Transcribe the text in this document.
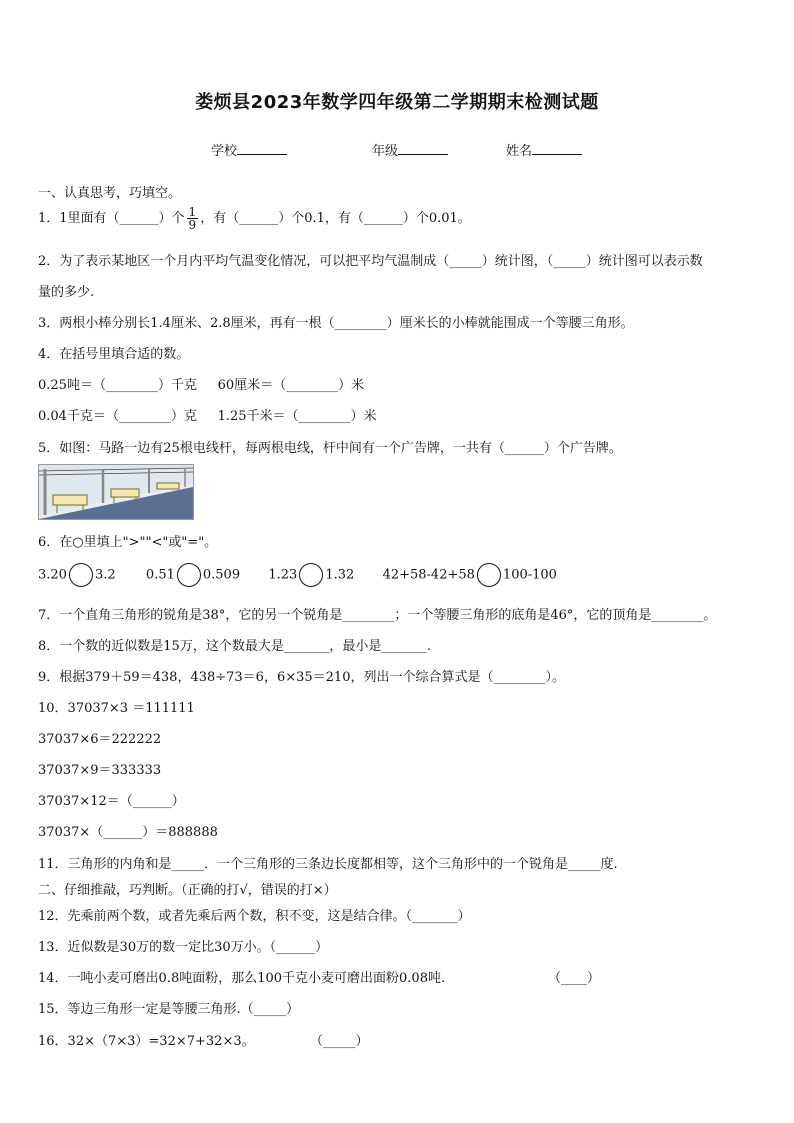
娄烦县2023年数学四年级第二学期期末检测试题
学校	年级	姓名
一、认真思考，巧填空。
1．1里面有（______）个 $\frac{1}{9}$ ，有（______）个0.1，有（______）个0.01。
2．为了表示某地区一个月内平均气温变化情况，可以把平均气温制成（_____）统计图，（_____）统计图可以表示数
量的多少.
3．两根小棒分别长1.4厘米、2.8厘米，再有一根（________）厘米长的小棒就能围成一个等腰三角形。
4．在括号里填合适的数。
0.25吨＝（________）千克     60厘米＝（________）米
0.04千克＝（________）克     1.25千米＝（________）米
5．如图：马路一边有25根电线杆，每两根电线，杆中间有一个广告牌，一共有（______）个广告牌。
6．在○里填上">""<"或"="。
3.20 3.2 0.51 0.509 1.23 1.32 42+58-42+58 100-100
7．一个直角三角形的锐角是38°，它的另一个锐角是________；一个等腰三角形的底角是46°，它的顶角是________。
8．一个数的近似数是15万，这个数最大是_______，最小是_______.
9．根据379＋59＝438，438÷73＝6，6×35＝210，列出一个综合算式是（________）。
10．37037×3 ＝111111
37037×6＝222222
37037×9＝333333
37037×12＝（______）
37037×（______）＝888888
11．三角形的内角和是_____．一个三角形的三条边长度都相等，这个三角形中的一个锐角是_____度.
二、仔细推敲，巧判断。（正确的打√，错误的打×）
12．先乘前两个数，或者先乘后两个数，积不变，这是结合律。（_______）
13．近似数是30万的数一定比30万小。（______）
14．一吨小麦可磨出0.8吨面粉，那么100千克小麦可磨出面粉0.08吨.	（____）
15．等边三角形一定是等腰三角形.（_____）
16．32×（7×3）=32×7+32×3。	（_____）
